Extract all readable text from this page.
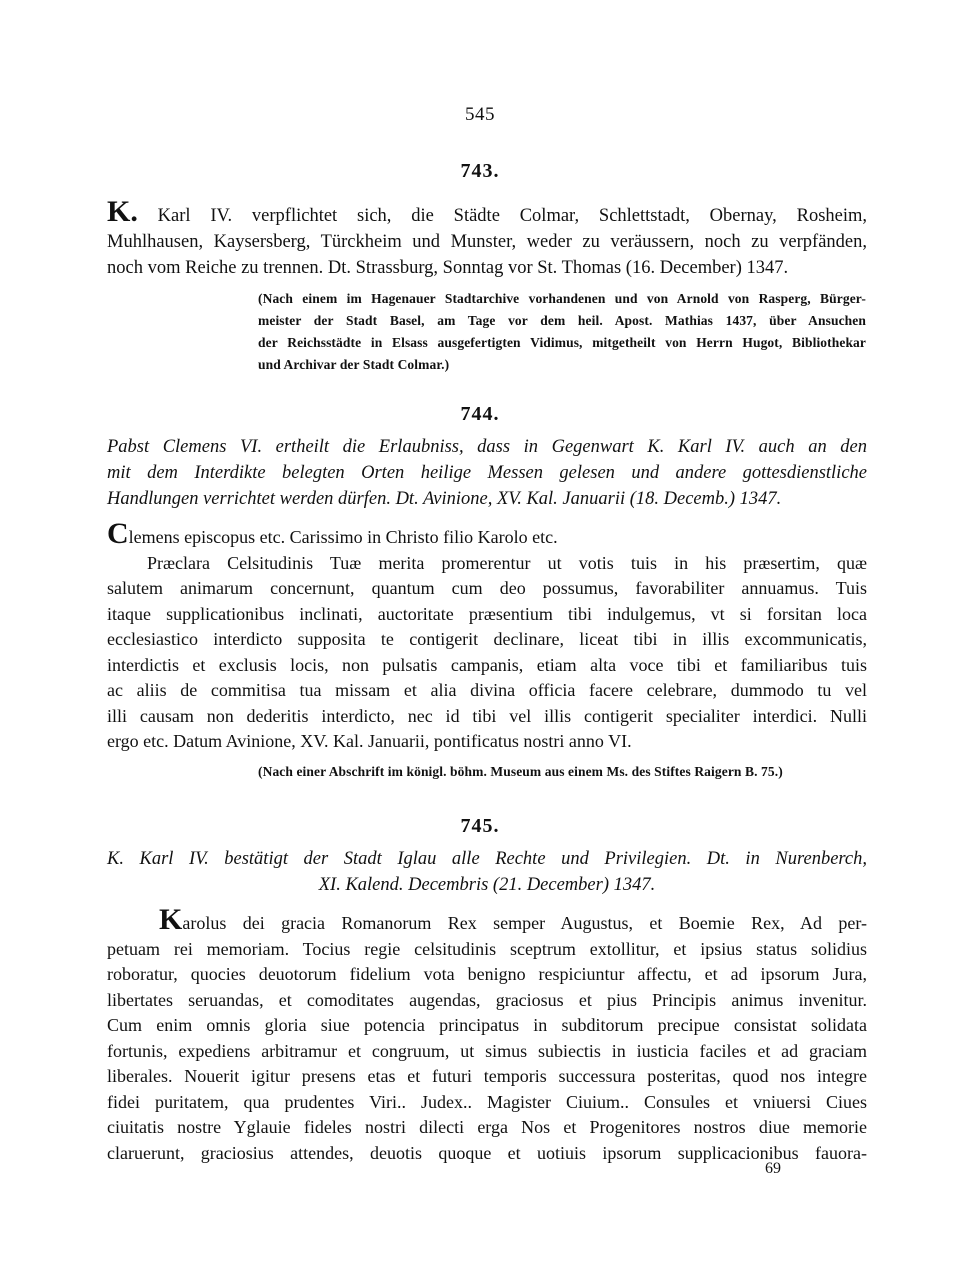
545
743.
K. Karl IV. verpflichtet sich, die Städte Colmar, Schlettstadt, Obernay, Rosheim,
Muhlhausen, Kaysersberg, Türckheim und Munster, weder zu veräussern, noch zu verpfänden,
noch vom Reiche zu trennen. Dt. Strassburg, Sonntag vor St. Thomas (16. December) 1347.
(Nach einem im Hagenauer Stadtarchive vorhandenen und von Arnold von Rasperg, Bürger-
meister der Stadt Basel, am Tage vor dem heil. Apost. Mathias 1437, über Ansuchen
der Reichsstädte in Elsass ausgefertigten Vidimus, mitgetheilt von Herrn Hugot, Bibliothekar
und Archivar der Stadt Colmar.)
744.
Pabst Clemens VI. ertheilt die Erlaubniss, dass in Gegenwart K. Karl IV. auch an den
mit dem Interdikte belegten Orten heilige Messen gelesen und andere gottesdienstliche
Handlungen verrichtet werden dürfen. Dt. Avinione, XV. Kal. Januarii (18. Decemb.) 1347.
Clemens episcopus etc. Carissimo in Christo filio Karolo etc.
Præclara Celsitudinis Tuæ merita promerentur ut votis tuis in his præsertim, quæ
salutem animarum concernunt, quantum cum deo possumus, favorabiliter annuamus. Tuis
itaque supplicationibus inclinati, auctoritate præsentium tibi indulgemus, vt si forsitan loca
ecclesiastico interdicto supposita te contigerit declinare, liceat tibi in illis excommunicatis,
interdictis et exclusis locis, non pulsatis campanis, etiam alta voce tibi et familiaribus tuis
ac aliis de commitisa tua missam et alia divina officia facere celebrare, dummodo tu vel
illi causam non dederitis interdicto, nec id tibi vel illis contigerit specialiter interdici. Nulli
ergo etc. Datum Avinione, XV. Kal. Januarii, pontificatus nostri anno VI.
(Nach einer Abschrift im königl. böhm. Museum aus einem Ms. des Stiftes Raigern B. 75.)
745.
K. Karl IV. bestätigt der Stadt Iglau alle Rechte und Privilegien. Dt. in Nurenberch,
XI. Kalend. Decembris (21. December) 1347.
Karolus dei gracia Romanorum Rex semper Augustus, et Boemie Rex, Ad per-
petuam rei memoriam. Tocius regie celsitudinis sceptrum extollitur, et ipsius status solidius
roboratur, quocies deuotorum fidelium vota benigno respiciuntur affectu, et ad ipsorum Jura,
libertates seruandas, et comoditates augendas, graciosus et pius Principis animus invenitur.
Cum enim omnis gloria siue potencia principatus in subditorum precipue consistat solidata
fortunis, expediens arbitramur et congruum, ut simus subiectis in iusticia faciles et ad graciam
liberales. Nouerit igitur presens etas et futuri temporis successura posteritas, quod nos integre
fidei puritatem, qua prudentes Viri.. Judex.. Magister Ciuium.. Consules et vniuersi Ciues
ciuitatis nostre Yglauie fideles nostri dilecti erga Nos et Progenitores nostros diue memorie
claruerunt, graciosius attendes, deuotis quoque et uotiuis ipsorum supplicacionibus fauora-
69
